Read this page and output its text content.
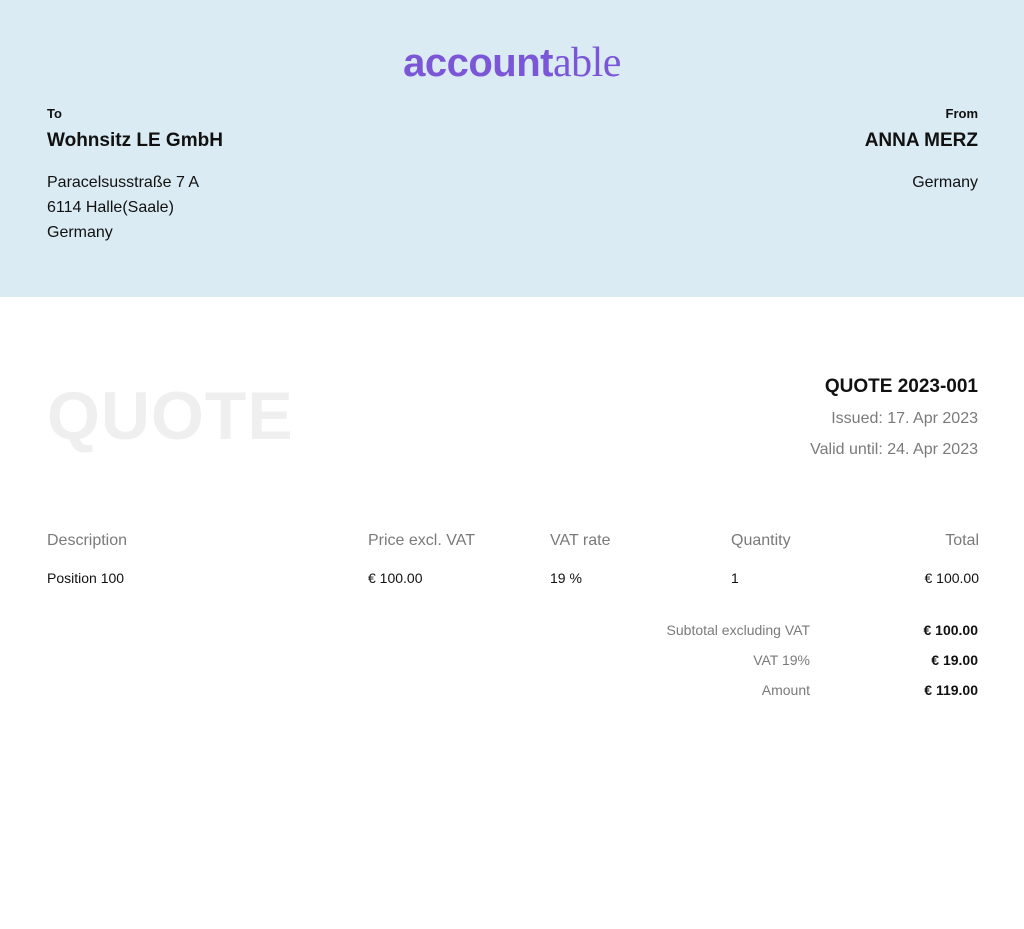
accountable
To
Wohnsitz LE GmbH
Paracelsusstraße 7 A
6114 Halle(Saale)
Germany
From
ANNA MERZ
Germany
QUOTE	QUOTE 2023-001
Issued: 17. Apr 2023
Valid until: 24. Apr 2023
Description	Price excl. VAT	VAT rate	Quantity	Total
Position 100	€ 100.00	19 %	1	€ 100.00
Subtotal excluding VAT	€ 100.00
VAT 19%	€ 19.00
Amount	€ 119.00
